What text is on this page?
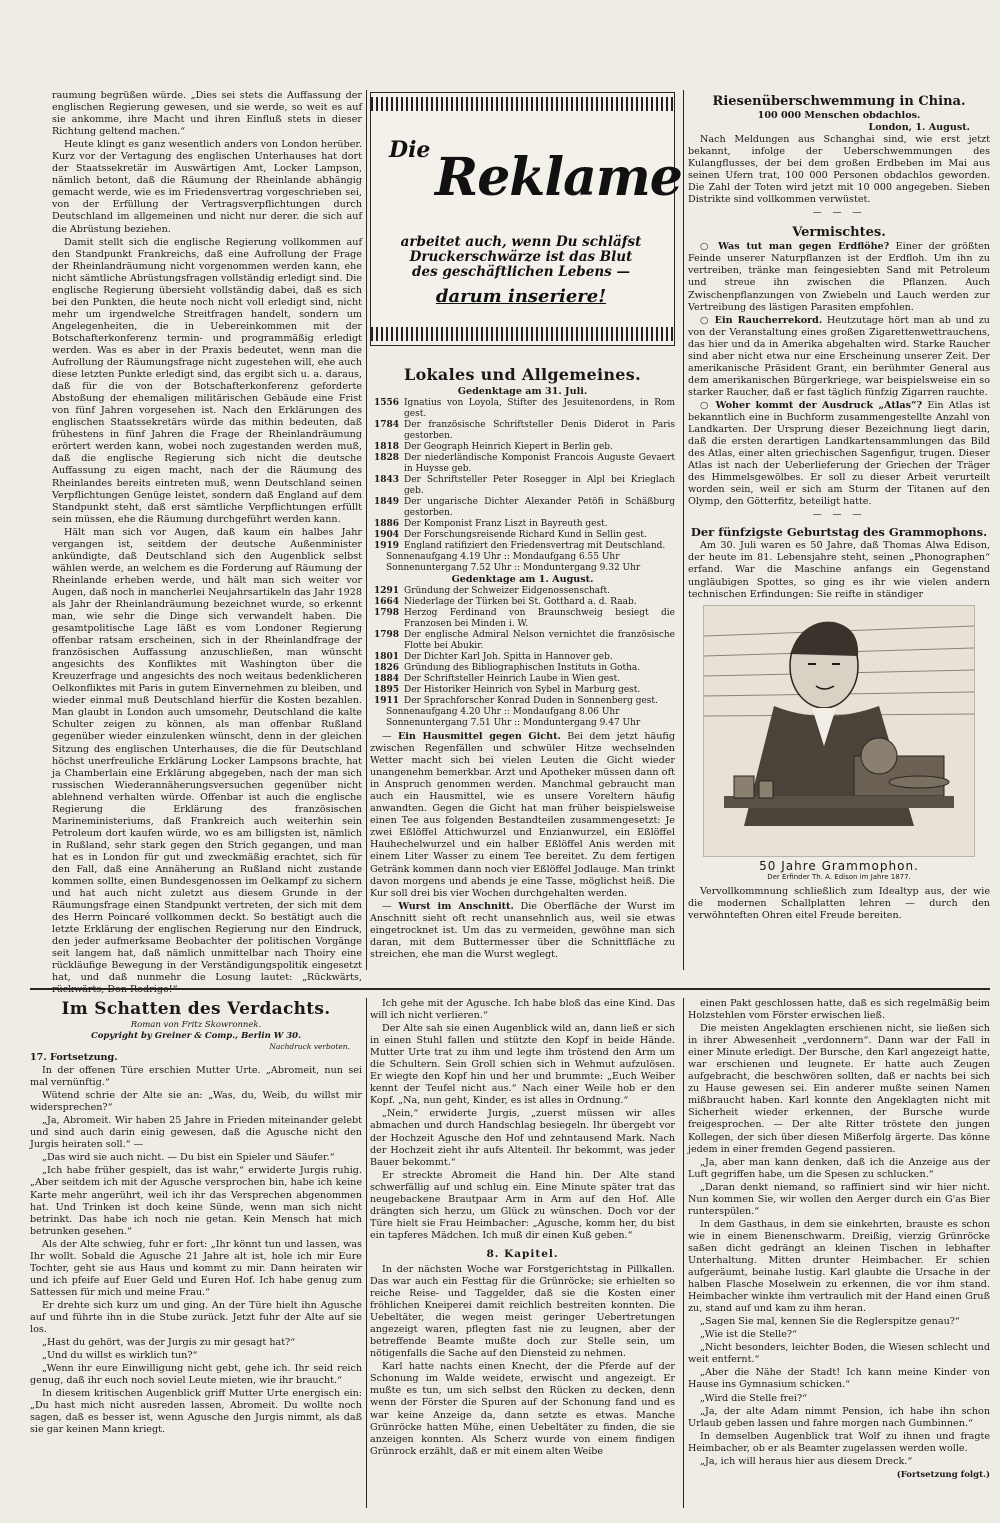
raumung begrüßen würde. „Dies sei stets die Auffassung der englischen Regierung gewesen, und sie werde, so weit es auf sie ankomme, ihre Macht und ihren Einfluß stets in dieser Richtung geltend machen.“

Heute klingt es ganz wesentlich anders von London herüber. Kurz vor der Vertagung des englischen Unterhauses hat dort der Staatssekretär im Auswärtigen Amt, Locker Lampson, nämlich betont, daß die Räumung der Rheinlande abhängig gemacht werde, wie es im Friedensvertrag vorgeschrieben sei, von der Erfüllung der Vertragsverpflichtungen durch Deutschland im allgemeinen und nicht nur derer. die sich auf die Abrüstung beziehen.

Damit stellt sich die englische Regierung vollkommen auf den Standpunkt Frankreichs, daß eine Aufrollung der Frage der Rheinlandräumung nicht vorgenommen werden kann, ehe nicht sämtliche Abrüstungsfragen vollständig erledigt sind. Die englische Regierung übersieht vollständig dabei, daß es sich bei den Punkten, die heute noch nicht voll erledigt sind, nicht mehr um irgendwelche Streitfragen handelt, sondern um Angelegenheiten, die in Uebereinkommen mit der Botschafterkonferenz termin- und programmäßig erledigt werden. Was es aber in der Praxis bedeutet, wenn man die Aufrollung der Räumungsfrage nicht zugestehen will, ehe auch diese letzten Punkte erledigt sind, das ergibt sich u. a. daraus, daß für die von der Botschafterkonferenz geforderte Abstoßung der ehemaligen militärischen Gebäude eine Frist von fünf Jahren vorgesehen ist. Nach den Erklärungen des englischen Staatssekretärs würde das mithin bedeuten, daß frühestens in fünf Jahren die Frage der Rheinlandräumung erörtert werden kann, wobei noch zugestanden werden muß, daß die englische Regierung sich nicht die deutsche Auffassung zu eigen macht, nach der die Räumung des Rheinlandes bereits eintreten muß, wenn Deutschland seinen Verpflichtungen Genüge leistet, sondern daß England auf dem Standpunkt steht, daß erst sämtliche Verpflichtungen erfüllt sein müssen, ehe die Räumung durchgeführt werden kann.

Hält man sich vor Augen, daß kaum ein halbes Jahr vergangen ist, seitdem der deutsche Außenminister ankündigte, daß Deutschland sich den Augenblick selbst wählen werde, an welchem es die Forderung auf Räumung der Rheinlande erheben werde, und hält man sich weiter vor Augen, daß noch in mancherlei Neujahrsartikeln das Jahr 1928 als Jahr der Rheinlandräumung bezeichnet wurde, so erkennt man, wie sehr die Dinge sich verwandelt haben. Die gesamtpolitische Lage läßt es vom Londoner Regierung offenbar ratsam erscheinen, sich in der Rheinlandfrage der französischen Auffassung anzuschließen, man wünscht angesichts des Konfliktes mit Washington über die Kreuzerfrage und angesichts des noch weitaus bedenklicheren Oelkonfliktes mit Paris in gutem Einvernehmen zu bleiben, und wieder einmal muß Deutschland hierfür die Kosten bezahlen. Man glaubt in London auch umsomehr, Deutschland die kalte Schulter zeigen zu können, als man offenbar Rußland gegenüber wieder einzulenken wünscht, denn in der gleichen Sitzung des englischen Unterhauses, die die für Deutschland höchst unerfreuliche Erklärung Locker Lampsons brachte, hat ja Chamberlain eine Erklärung abgegeben, nach der man sich russischen Wiederannäherungsversuchen gegenüber nicht ablehnend verhalten würde. Offenbar ist auch die englische Regierung die Erklärung des französischen Marineministeriums, daß Frankreich auch weiterhin sein Petroleum dort kaufen würde, wo es am billigsten ist, nämlich in Rußland, sehr stark gegen den Strich gegangen, und man hat es in London für gut und zweckmäßig erachtet, sich für den Fall, daß eine Annäherung an Rußland nicht zustande kommen sollte, einen Bundesgenossen im Oelkampf zu sichern und hat auch nicht zuletzt aus diesem Grunde in der Räumungsfrage einen Standpunkt vertreten, der sich mit dem des Herrn Poincaré vollkommen deckt. So bestätigt auch die letzte Erklärung der englischen Regierung nur den Eindruck, den jeder aufmerksame Beobachter der politischen Vorgänge seit langem hat, daß nämlich unmittelbar nach Thoiry eine rückläufige Bewegung in der Verständigungspolitik eingesetzt hat, und daß nunmehr die Losung lautet: „Rückwärts,

Die Reklame
arbeitet auch, wenn Du schläfst
Druckerschwärze ist das Blut
des geschäftlichen Lebens —
darum inseriere!
Lokales und Allgemeines.
Gedenktage am 31. Juli.
1556	Ignatius von Loyola, Stifter des Jesuitenordens, in Rom gest.
1784	Der französische Schriftsteller Denis Diderot in Paris gestorben.
1818	Der Geograph Heinrich Kiepert in Berlin geb.
1828	Der niederländische Komponist Francois Auguste Gevaert in Huysse geb.
1843	Der Schriftsteller Peter Rosegger in Alpl bei Krieglach geb.
1849	Der ungarische Dichter Alexander Petöfi in Schäßburg gestorben.
1886	Der Komponist Franz Liszt in Bayreuth gest.
1904	Der Forschungsreisende Richard Kund in Sellin gest.
1919	England ratifiziert den Friedensvertrag mit Deutschland.
Sonnenaufgang 4.19 Uhr :: Mondaufgang 6.55 Uhr
Sonnenuntergang 7.52 Uhr :: Monduntergang 9.32 Uhr
Gedenktage am 1. August.
1291	Gründung der Schweizer Eidgenossenschaft.
1664	Niederlage der Türken bei St. Gotthard a. d. Raab.
1798	Herzog Ferdinand von Braunschweig besiegt die Franzosen bei Minden i. W.
1798	Der englische Admiral Nelson vernichtet die französische Flotte bei Abukir.
1801	Der Dichter Karl Joh. Spitta in Hannover geb.
1826	Gründung des Bibliographischen Instituts in Gotha.
1884	Der Schriftsteller Heinrich Laube in Wien gest.
1895	Der Historiker Heinrich von Sybel in Marburg gest.
1911	Der Sprachforscher Konrad Duden in Sonnenberg gest.
Sonnenaufgang 4.20 Uhr :: Mondaufgang 8.06 Uhr
Sonnenuntergang 7.51 Uhr :: Monduntergang 9.47 Uhr

— Ein Hausmittel gegen Gicht. Bei dem jetzt häufig zwischen Regenfällen und schwüler Hitze wechselnden Wetter macht sich bei vielen Leuten die Gicht wieder unangenehm bemerkbar. Arzt und Apotheker müssen dann oft in Anspruch genommen werden. Manchmal gebraucht man auch ein Hausmittel, wie es unsere Voreltern häufig anwandten. Gegen die Gicht hat man früher beispielsweise einen Tee aus folgenden Bestandteilen zusammengesetzt: Je zwei Eßlöffel Attichwurzel und Enzianwurzel, ein Eßlöffel Hauhechelwurzel und ein halber Eßlöffel Anis werden mit einem Liter Wasser zu einem Tee bereitet. Zu dem fertigen Getränk kommen dann noch vier Eßlöffel Jodlauge. Man trinkt davon morgens und abends je eine Tasse, möglichst heiß. Die Kur soll drei bis vier Wochen durchgehalten werden.

— Wurst im Anschnitt. Die Oberfläche der Wurst im Anschnitt sieht oft recht unansehnlich aus, weil sie etwas eingetrocknet ist. Um das zu vermeiden, gewöhne man sich daran, mit dem Buttermesser über die Schnittfläche zu streichen, ehe man die Wurst weglegt.

Riesenüberschwemmung in China.
100 000 Menschen obdachlos.
London, 1. August.

Nach Meldungen aus Schanghai sind, wie erst jetzt bekannt, infolge der Ueberschwemmungen des Kulangflusses, der bei dem großen Erdbeben im Mai aus seinen Ufern trat, 100 000 Personen obdachlos geworden. Die Zahl der Toten wird jetzt mit 10 000 angegeben. Sieben Distrikte sind vollkommen verwüstet.

— — —
Vermischtes.

○ Was tut man gegen Erdflöhe? Einer der größten Feinde unserer Naturpflanzen ist der Erdfloh. Um ihn zu vertreiben, tränke man feingesiebten Sand mit Petroleum und streue ihn zwischen die Pflanzen. Auch Zwischenpflanzungen von Zwiebeln und Lauch werden zur Vertreibung des lästigen Parasiten empfohlen.

○ Ein Raucherrekord. Heutzutage hört man ab und zu von der Veranstaltung eines großen Zigarettenwettrauchens, das hier und da in Amerika abgehalten wird. Starke Raucher sind aber nicht etwa nur eine Erscheinung unserer Zeit. Der amerikanische Präsident Grant, ein berühmter General aus dem amerikanischen Bürgerkriege, war beispielsweise ein so starker Raucher, daß er fast täglich fünfzig Zigarren rauchte.

○ Woher kommt der Ausdruck „Atlas“? Ein Atlas ist bekanntlich eine in Buchform zusammengestellte Anzahl von Landkarten. Der Ursprung dieser Bezeichnung liegt darin, daß die ersten derartigen Landkartensammlungen das Bild des Atlas, einer alten griechischen Sagenfigur, trugen. Dieser Atlas ist nach der Ueberlieferung der Griechen der Träger des Himmelsgewölbes. Er soll zu dieser Arbeit verurteilt worden sein, weil er sich am Sturm der Titanen auf den Olymp, den Götterfitz, beteiligt hatte.

— — —
Der fünfzigste Geburtstag des Grammophons.

Am 30. Juli waren es 50 Jahre, daß Thomas Alwa Edison, der heute im 81. Lebensjahre steht, seinen „Phonographen“ erfand. War die Maschine anfangs ein Gegenstand ungläubigen Spottes, so ging es ihr wie vielen andern technischen Erfindungen: Sie reifte in ständiger

50 Jahre Grammophon.
Der Erfinder Th. A. Edison im Jahre 1877.

Vervollkommnung schließlich zum Idealtyp aus, der wie die modernen Schallplatten lehren — durch den verwöhnteften Ohren eitel Freude bereiten.

Im Schatten des Verdachts.
Roman von Fritz Skowronnek.
Copyright by Greiner & Comp., Berlin W 30.
Nachdruck verboten.

17. Fortsetzung.

In der offenen Türe erschien Mutter Urte. „Abromeit, nun sei mal vernünftig.“

Wütend schrie der Alte sie an: „Was, du, Weib, du willst mir widersprechen?“

„Ja, Abromeit. Wir haben 25 Jahre in Frieden miteinander gelebt und sind auch darin einig gewesen, daß die Agusche nicht den Jurgis heiraten soll.“ —

„Das wird sie auch nicht. — Du bist ein Spieler und Säufer.“

„Ich habe früher gespielt, das ist wahr,“ erwiderte Jurgis ruhig. „Aber seitdem ich mit der Agusche versprochen bin, habe ich keine Karte mehr angerührt, weil ich ihr das Versprechen abgenommen hat. Und Trinken ist doch keine Sünde, wenn man sich nicht betrinkt. Das habe ich noch nie getan. Kein Mensch hat mich betrunken gesehen.“

Als der Alte schwieg, fuhr er fort: „Ihr könnt tun und lassen, was Ihr wollt. Sobald die Agusche 21 Jahre alt ist, hole ich mir Eure Tochter, geht sie aus Haus und kommt zu mir. Dann heiraten wir und ich pfeife auf Euer Geld und Euren Hof. Ich habe genug zum Sattessen für mich und meine Frau.“

Er drehte sich kurz um und ging. An der Türe hielt ihn Agusche auf und führte ihn in die Stube zurück. Jetzt fuhr der Alte auf sie los.

„Hast du gehört, was der Jurgis zu mir gesagt hat?“

„Und du willst es wirklich tun?“

„Wenn ihr eure Einwilligung nicht gebt, gehe ich. Ihr seid reich genug, daß ihr euch noch soviel Leute mieten, wie ihr braucht.“

In diesem kritischen Augenblick griff Mutter Urte energisch ein: „Du hast mich nicht ausreden lassen, Abromeit. Du wollte noch sagen, daß es besser ist, wenn Agusche den Jurgis nimmt, als daß sie gar keinen Mann kriegt.

Ich gehe mit der Agusche. Ich habe bloß das eine Kind. Das will ich nicht verlieren.“

Der Alte sah sie einen Augenblick wild an, dann ließ er sich in einen Stuhl fallen und stützte den Kopf in beide Hände. Mutter Urte trat zu ihm und legte ihm tröstend den Arm um die Schultern. Sein Groll schien sich in Wehmut aufzulösen. Er wiegte den Kopf hin und her und brummte: „Euch Weiber kennt der Teufel nicht aus.“ Nach einer Weile hob er den Kopf. „Na, nun geht, Kinder, es ist alles in Ordnung.“

„Nein,“ erwiderte Jurgis, „zuerst müssen wir alles abmachen und durch Handschlag besiegeln. Ihr übergebt vor der Hochzeit Agusche den Hof und zehntausend Mark. Nach der Hochzeit zieht ihr aufs Altenteil. Ihr bekommt, was jeder Bauer bekommt.“

Er streckte Abromeit die Hand hin. Der Alte stand schwerfällig auf und schlug ein. Eine Minute später trat das neugebackene Brautpaar Arm in Arm auf den Hof. Alle drängten sich herzu, um Glück zu wünschen. Doch vor der Türe hielt sie Frau Heimbacher: „Agusche, komm her, du bist ein tapferes Mädchen. Ich muß dir einen Kuß geben.“

8. Kapitel.

In der nächsten Woche war Forstgerichtstag in Pillkallen. Das war auch ein Festtag für die Grünröcke; sie erhielten so reiche Reise- und Taggelder, daß sie die Kosten einer fröhlichen Kneiperei damit reichlich bestreiten konnten. Die Uebeltäter, die wegen meist geringer Uebertretungen angezeigt waren, pflegten fast nie zu leugnen, aber der betreffende Beamte mußte doch zur Stelle sein, um nötigenfalls die Sache auf den Diensteid zu nehmen.

Karl hatte nachts einen Knecht, der die Pferde auf der Schonung im Walde weidete, erwischt und angezeigt. Er mußte es tun, um sich selbst den Rücken zu decken, denn wenn der Förster die Spuren auf der Schonung fand und es war keine Anzeige da, dann setzte es etwas. Manche Grünröcke hatten Mühe, einen Uebeltäter zu finden, die sie anzeigen konnten. Als Scherz wurde von einem findigen Grünrock erzählt, daß er mit einem alten Weibe

einen Pakt geschlossen hatte, daß es sich regelmäßig beim Holzstehlen vom Förster erwischen ließ.

Die meisten Angeklagten erschienen nicht, sie ließen sich in ihrer Abwesenheit „verdonnern“. Dann war der Fall in einer Minute erledigt. Der Bursche, den Karl angezeigt hatte, war erschienen und leugnete. Er hatte auch Zeugen aufgebracht, die beschwören sollten, daß er nachts bei sich zu Hause gewesen sei. Ein anderer mußte seinen Namen mißbraucht haben. Karl konnte den Angeklagten nicht mit Sicherheit wieder erkennen, der Bursche wurde freigesprochen. — Der alte Ritter tröstete den jungen Kollegen, der sich über diesen Mißerfolg ärgerte. Das könne jedem in einer fremden Gegend passieren.

„Ja, aber man kann denken, daß ich die Anzeige aus der Luft gegriffen habe, um die Spesen zu schlucken.“

„Daran denkt niemand, so raffiniert sind wir hier nicht. Nun kommen Sie, wir wollen den Aerger durch ein G'as Bier runterspülen.“

In dem Gasthaus, in dem sie einkehrten, brauste es schon wie in einem Bienenschwarm. Dreißig, vierzig Grünröcke saßen dicht gedrängt an kleinen Tischen in lebhafter Unterhaltung. Mitten drunter Heimbacher. Er schien aufgeräumt, beinahe lustig. Karl glaubte die Ursache in der halben Flasche Moselwein zu erkennen, die vor ihm stand. Heimbacher winkte ihm vertraulich mit der Hand einen Gruß zu, stand auf und kam zu ihm heran.

„Sagen Sie mal, kennen Sie die Reglerspitze genau?“

„Wie ist die Stelle?“

„Nicht besonders, leichter Boden, die Wiesen schlecht und weit entfernt.“

„Aber die Nähe der Stadt! Ich kann meine Kinder von Hause ins Gymnasium schicken.“

„Wird die Stelle frei?“

„Ja, der alte Adam nimmt Pension, ich habe ihn schon Urlaub geben lassen und fahre morgen nach Gumbinnen.“

In demselben Augenblick trat Wolf zu ihnen und fragte Heimbacher, ob er als Beamter zugelassen werden wolle.

„Ja, ich will heraus hier aus diesem Dreck.“

(Fortsetzung folgt.)
